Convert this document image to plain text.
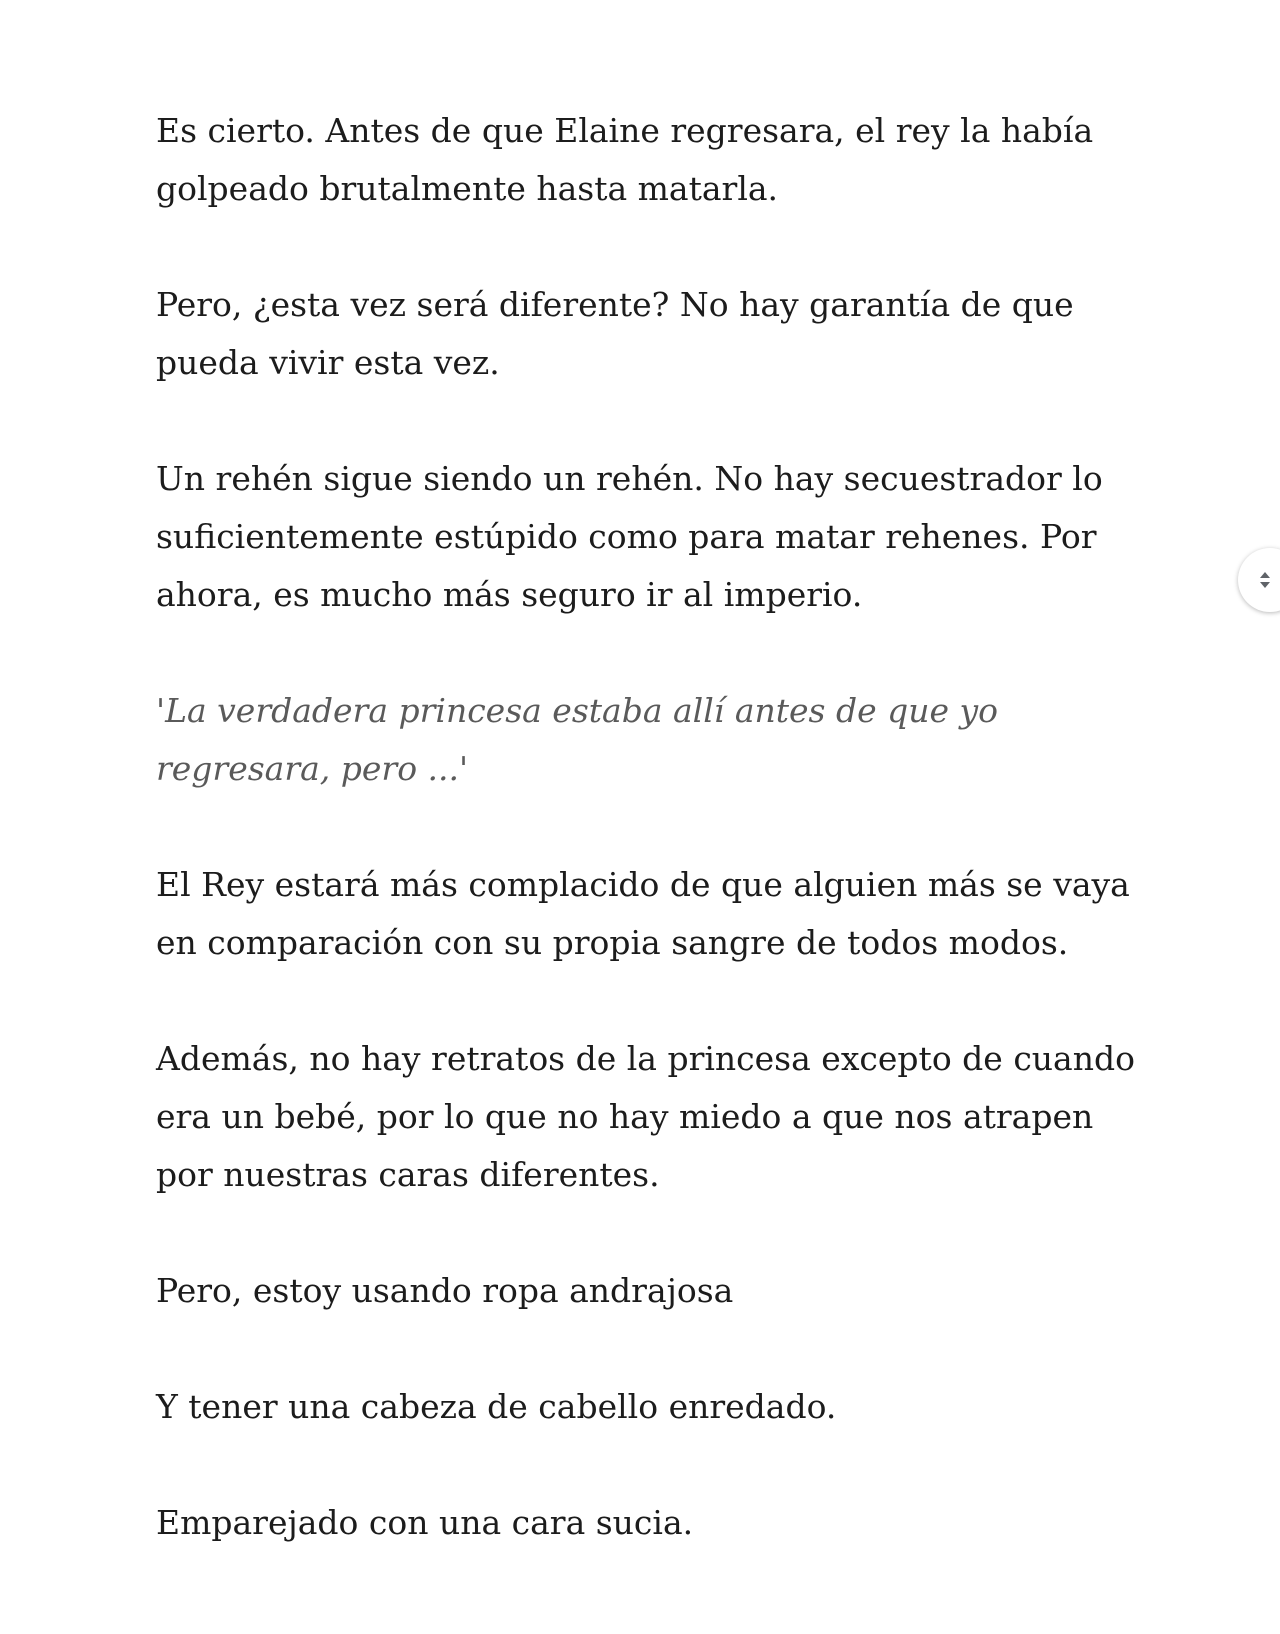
Es cierto. Antes de que Elaine regresara, el rey la había golpeado brutalmente hasta matarla.

Pero, ¿esta vez será diferente? No hay garantía de que pueda vivir esta vez.

Un rehén sigue siendo un rehén. No hay secuestrador lo suficientemente estúpido como para matar rehenes. Por ahora, es mucho más seguro ir al imperio.

'La verdadera princesa estaba allí antes de que yo regresara, pero ...'

El Rey estará más complacido de que alguien más se vaya en comparación con su propia sangre de todos modos.

Además, no hay retratos de la princesa excepto de cuando era un bebé, por lo que no hay miedo a que nos atrapen por nuestras caras diferentes.

Pero, estoy usando ropa andrajosa

Y tener una cabeza de cabello enredado.

Emparejado con una cara sucia.
